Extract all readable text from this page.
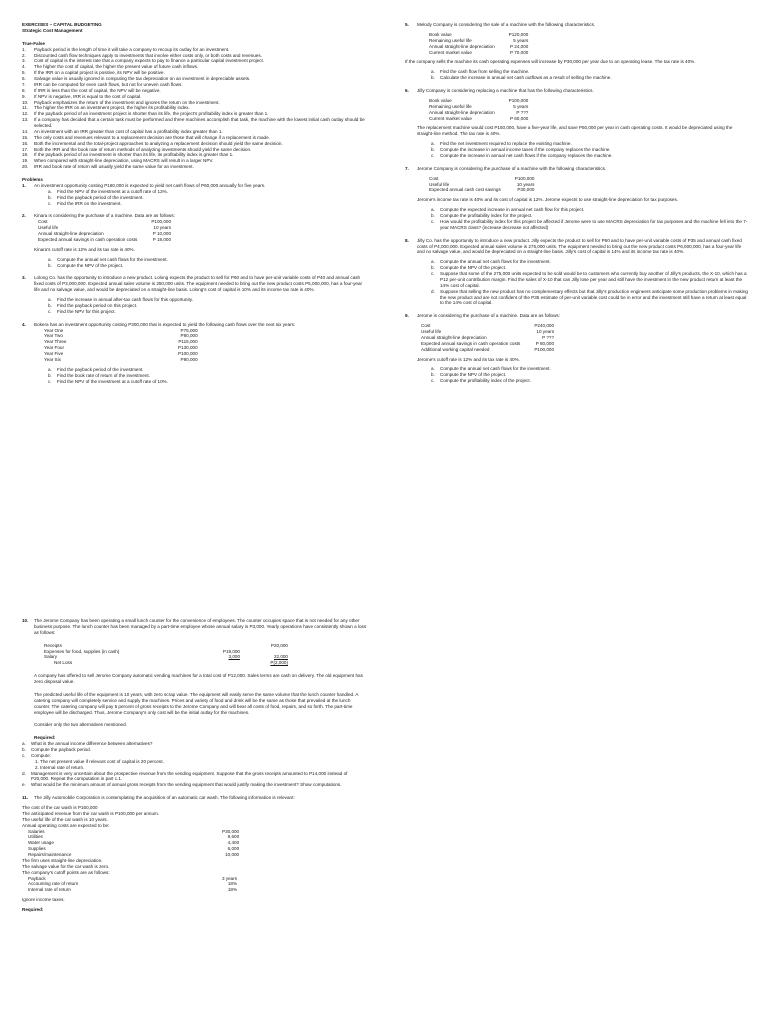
EXERCISES – CAPITAL BUDGETING
Strategic Cost Management
True-False
1.	Payback period is the length of time it will take a company to recoup its outlay for an investment.
2.	Discounted cash flow techniques apply to investments that involve either costs only, or both costs and revenues.
3.	Cost of capital is the interest rate that a company expects to pay to finance a particular capital investment project.
4.	The higher the cost of capital, the higher the present value of future cash inflows.
5.	If the IRR on a capital project is positive, its NPV will be positive.
6.	Salvage value is usually ignored in computing the tax depreciation on an investment in depreciable assets.
7.	IRR can be computed for even cash flows, but not for uneven cash flows.
8.	If IRR is less than the cost of capital, the NPV will be negative.
9.	If NPV is negative, IRR is equal to the cost of capital.
10.	Payback emphasizes the return of the investment and ignores the return on the investment.
11.	The higher the IRR on an investment project, the higher its profitability index.
12.	If the payback period of an investment project is shorter than its life, the project's profitability index is greater than 1.
13.	If a company has decided that a certain task must be performed and three machines accomplish that task, the machine with the lowest initial cash outlay should be selected.
14.	An investment with an IRR greater than cost of capital has a profitability index greater than 1.
15.	The only costs and revenues relevant to a replacement decision are those that will change if a replacement is made.
16.	Both the incremental and the total-project approaches to analyzing a replacement decision should yield the same decision.
17.	Both the IRR and the book rate of return methods of analyzing investments should yield the same decision.
18.	If the payback period of an investment is shorter than its life, its profitability index is greater than 1.
19.	When compared with straight-line depreciation, using MACRS will result in a larger NPV.
20.	IRR and book rate of return will usually yield the same value for an investment.
Problems
1.	An investment opportunity costing P180,000 is expected to yield net cash flows of P60,000 annually for five years.
a.	Find the NPV of the investment at a cutoff rate of 12%.
b.	Find the payback period of the investment.
c.	Find the IRR on the investment.
2.	Kinara is considering the purchase of a machine. Data are as follows:
Cost	P100,000
Useful life	10 years
Annual straight-line depreciation	P 10,000
Expected annual savings in cash operation costs	P 18,000
Kinara's cutoff rate is 12% and its tax rate is 40%.
a.	Compute the annual net cash flows for the investment.
b.	Compute the NPV of the project.
3.	Lolong Co. has the opportunity to introduce a new product. Lolong expects the product to sell for P60 and to have per-unit variable costs of P40 and annual cash fixed costs of P3,000,000. Expected annual sales volume is 250,000 units. The equipment needed to bring out the new product costs P5,000,000, has a four-year life and no salvage value, and would be depreciated on a straight-line basis. Lolong's cost of capital is 10% and its income tax rate is 40%.
a.	Find the increase in annual after-tax cash flows for this opportunity.
b.	Find the payback period on this project.
c.	Find the NPV for this project.
4.	Bokera has an investment opportunity costing P300,000 that is expected to yield the following cash flows over the next six years:
Year One	P75,000
Year Two	P90,000
Year Three	P115,000
Year Four	P130,000
Year Five	P100,000
Year Six	P90,000
a.	Find the payback period of the investment.
b.	Find the book rate of return of the investment.
c.	Find the NPV of the investment at a cutoff rate of 10%.
5.	Melody Company is considering the sale of a machine with the following characteristics.
Book value	P120,000
Remaining useful life	5 years
Annual straight-line depreciation	P 24,000
Current market value	P 70,000
If the company sells the machine its cash operating expenses will increase by P30,000 per year due to an operating lease. The tax rate is 40%.
a.	Find the cash flow from selling the machine.
b.	Calculate the increase in annual net cash outflows as a result of selling the machine.
6.	Jilly Company is considering replacing a machine that has the following characteristics.
Book value	P100,000
Remaining useful life	5 years
Annual straight-line depreciation	P ???
Current market value	P 60,000
The replacement machine would cost P150,000, have a five-year life, and save P50,000 per year in cash operating costs. It would be depreciated using the straight-line method. The tax rate is 40%.
a.	Find the net investment required to replace the existing machine.
b.	Compute the increase in annual income taxes if the company replaces the machine.
c.	Compute the increase in annual net cash flows if the company replaces the machine.
7.	Jerome Company is considering the purchase of a machine with the following characteristics.
Cost	P100,000
Useful life	10 years
Expected annual cash cost savings	P30,000
Jerome's income tax rate is 40% and its cost of capital is 12%. Jerome expects to use straight-line depreciation for tax purposes.
a.	Compute the expected increase in annual net cash flow for this project.
b.	Compute the profitability index for the project.
c.	How would the profitability index for this project be affected if Jerome were to use MACRS depreciation for tax purposes and the machine fell into the 7-year MACRS class? (increase decrease not affected)
8.	Jilly Co. has the opportunity to introduce a new product. Jilly expects the product to sell for P60 and to have per-unit variable costs of P35 and annual cash fixed costs of P4,000,000. Expected annual sales volume is 275,000 units. The equipment needed to bring out the new product costs P6,000,000, has a four-year life and no salvage value, and would be depreciated on a straight-line basis. Jilly's cost of capital is 14% and its income tax rate is 40%.
a.	Compute the annual net cash flows for the investment.
b.	Compute the NPV of the project.
c.	Suppose that some of the 275,000 units expected to be sold would be to customers who currently buy another of Jilly's products, the X-10, which has a P12 per-unit contribution margin. Find the sales of X-10 that can Jilly lose per year and still have the investment in the new product return at least the 14% cost of capital.
d.	Suppose that selling the new product has no complementary effects but that Jilly's production engineers anticipate some production problems in making the new product and are not confident of the P35 estimate of per-unit variable cost could be in error and the investment still have a return at least equal to the 14% cost of capital.
9.	Jerome is considering the purchase of a machine. Data are as follows:
Cost	P240,000
Useful life	10 years
Annual straight-line depreciation	P ???
Expected annual savings in cash operation costs	P 80,000
Additional working capital needed	P100,000
Jerome's cutoff rate is 12% and its tax rate is 40%.
a.	Compute the annual net cash flows for the investment.
b.	Compute the NPV of the project.
c.	Compute the profitability index of the project.
10.	The Jerome Company has been operating a small lunch counter for the convenience of employees. The counter occupies space that is not needed for any other business purpose. The lunch counter has been managed by a part-time employee whose annual salary is P3,000. Yearly operations have consistently shown a loss as follows:
Receipts		P20,000
Expenses for food, supplies (in cash)	P19,000	
Salary	3,000	22,000
Net Loss		P(2,000)
A company has offered to sell Jerome Company automatic vending machines for a total cost of P12,000. Sales terms are cash on delivery. The old equipment has zero disposal value.
The predicted useful life of the equipment is 10 years, with zero scrap value. The equipment will easily serve the same volume that the lunch counter handled. A catering company will completely service and supply the machines. Prices and variety of food and drink will be the same as those that prevailed at the lunch counter. The catering company will pay 5 percent of gross receipts to the Jerome Company and will bear all costs of food, repairs, and so forth. The part-time employee will be discharged. Thus, Jerome Company's only cost will be the initial outlay for the machines.
Consider only the two alternatives mentioned.
Required:
a.	What is the annual income difference between alternatives?
b.	Compute the payback period.
c.	Compute:
1. The net present value if relevant cost of capital is 20 percent.
2. Internal rate of return.
d.	Management is very uncertain about the prospective revenue from the vending equipment. Suppose that the gross receipts amounted to P14,000 instead of P20,000. Repeat the computation in part c.1.
e.	What would be the minimum amount of annual gross receipts from the vending equipment that would justify making the investment? Show computations.
11.	The Jilly Automobile Corporation is contemplating the acquisition of an automatic car wash. The following information is relevant:
The cost of the car wash is P160,000
The anticipated revenue from the car wash is P100,000 per annum.
The useful life of the car wash is 10 years.
Annual operating costs are expected to be:
Salaries	P30,000
Utilities	9,600
Water usage	4,400
Supplies	6,000
Repairs/maintenance	10,000
The firm uses straight-line depreciation.
The salvage value for the car wash is zero.
The company's cutoff points are as follows:
Payback	3 years
Accounting rate of return	18%
Internal rate of return	18%
Ignore income taxes.
Required:
